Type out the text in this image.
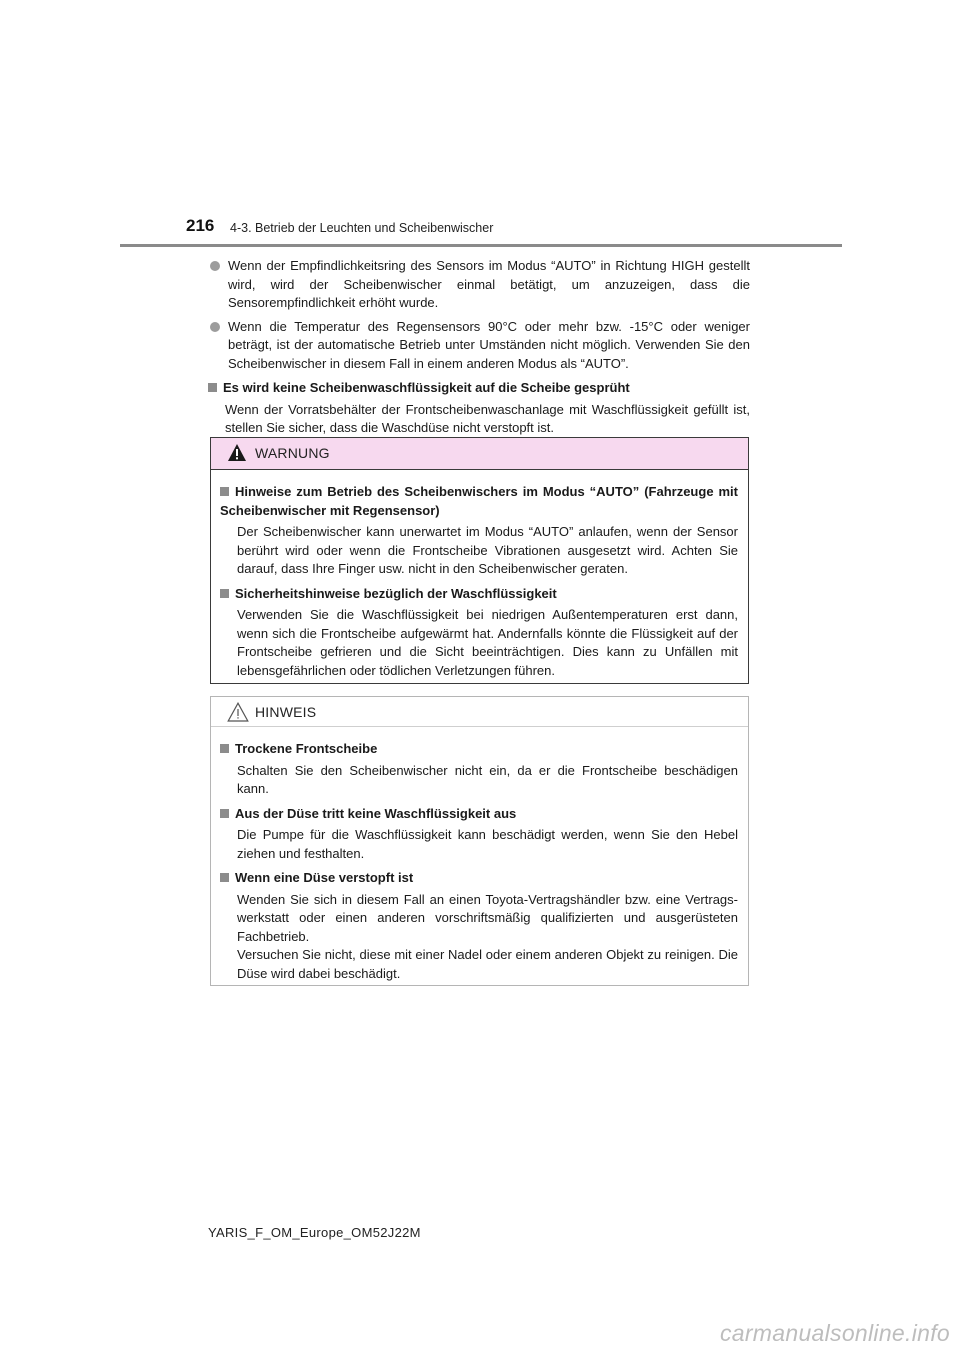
216 4-3. Betrieb der Leuchten und Scheibenwischer
Wenn der Empfindlichkeitsring des Sensors im Modus “AUTO” in Richtung HIGH gestellt wird, wird der Scheibenwischer einmal betätigt, um anzuzeigen, dass die Sensorempfindlichkeit erhöht wurde.
Wenn die Temperatur des Regensensors 90°C oder mehr bzw. -15°C oder weniger beträgt, ist der automatische Betrieb unter Umständen nicht möglich. Verwenden Sie den Scheibenwischer in diesem Fall in einem anderen Modus als “AUTO”.
Es wird keine Scheibenwaschflüssigkeit auf die Scheibe gesprüht
Wenn der Vorratsbehälter der Frontscheibenwaschanlage mit Waschflüssigkeit gefüllt ist, stellen Sie sicher, dass die Waschdüse nicht verstopft ist.
WARNUNG
Hinweise zum Betrieb des Scheibenwischers im Modus “AUTO” (Fahrzeuge mit Scheibenwischer mit Regensensor)
Der Scheibenwischer kann unerwartet im Modus “AUTO” anlaufen, wenn der Sensor berührt wird oder wenn die Frontscheibe Vibrationen ausgesetzt wird. Achten Sie darauf, dass Ihre Finger usw. nicht in den Scheibenwischer geraten.
Sicherheitshinweise bezüglich der Waschflüssigkeit
Verwenden Sie die Waschflüssigkeit bei niedrigen Außentemperaturen erst dann, wenn sich die Frontscheibe aufgewärmt hat. Andernfalls könnte die Flüssigkeit auf der Frontscheibe gefrieren und die Sicht beeinträchtigen. Dies kann zu Unfällen mit lebensgefährlichen oder tödlichen Verletzungen führen.
HINWEIS
Trockene Frontscheibe
Schalten Sie den Scheibenwischer nicht ein, da er die Frontscheibe beschädigen kann.
Aus der Düse tritt keine Waschflüssigkeit aus
Die Pumpe für die Waschflüssigkeit kann beschädigt werden, wenn Sie den Hebel ziehen und festhalten.
Wenn eine Düse verstopft ist
Wenden Sie sich in diesem Fall an einen Toyota-Vertragshändler bzw. eine Vertrags-werkstatt oder einen anderen vorschriftsmäßig qualifizierten und ausgerüsteten Fachbetrieb.
Versuchen Sie nicht, diese mit einer Nadel oder einem anderen Objekt zu reinigen. Die Düse wird dabei beschädigt.
YARIS_F_OM_Europe_OM52J22M
carmanualsonline.info
